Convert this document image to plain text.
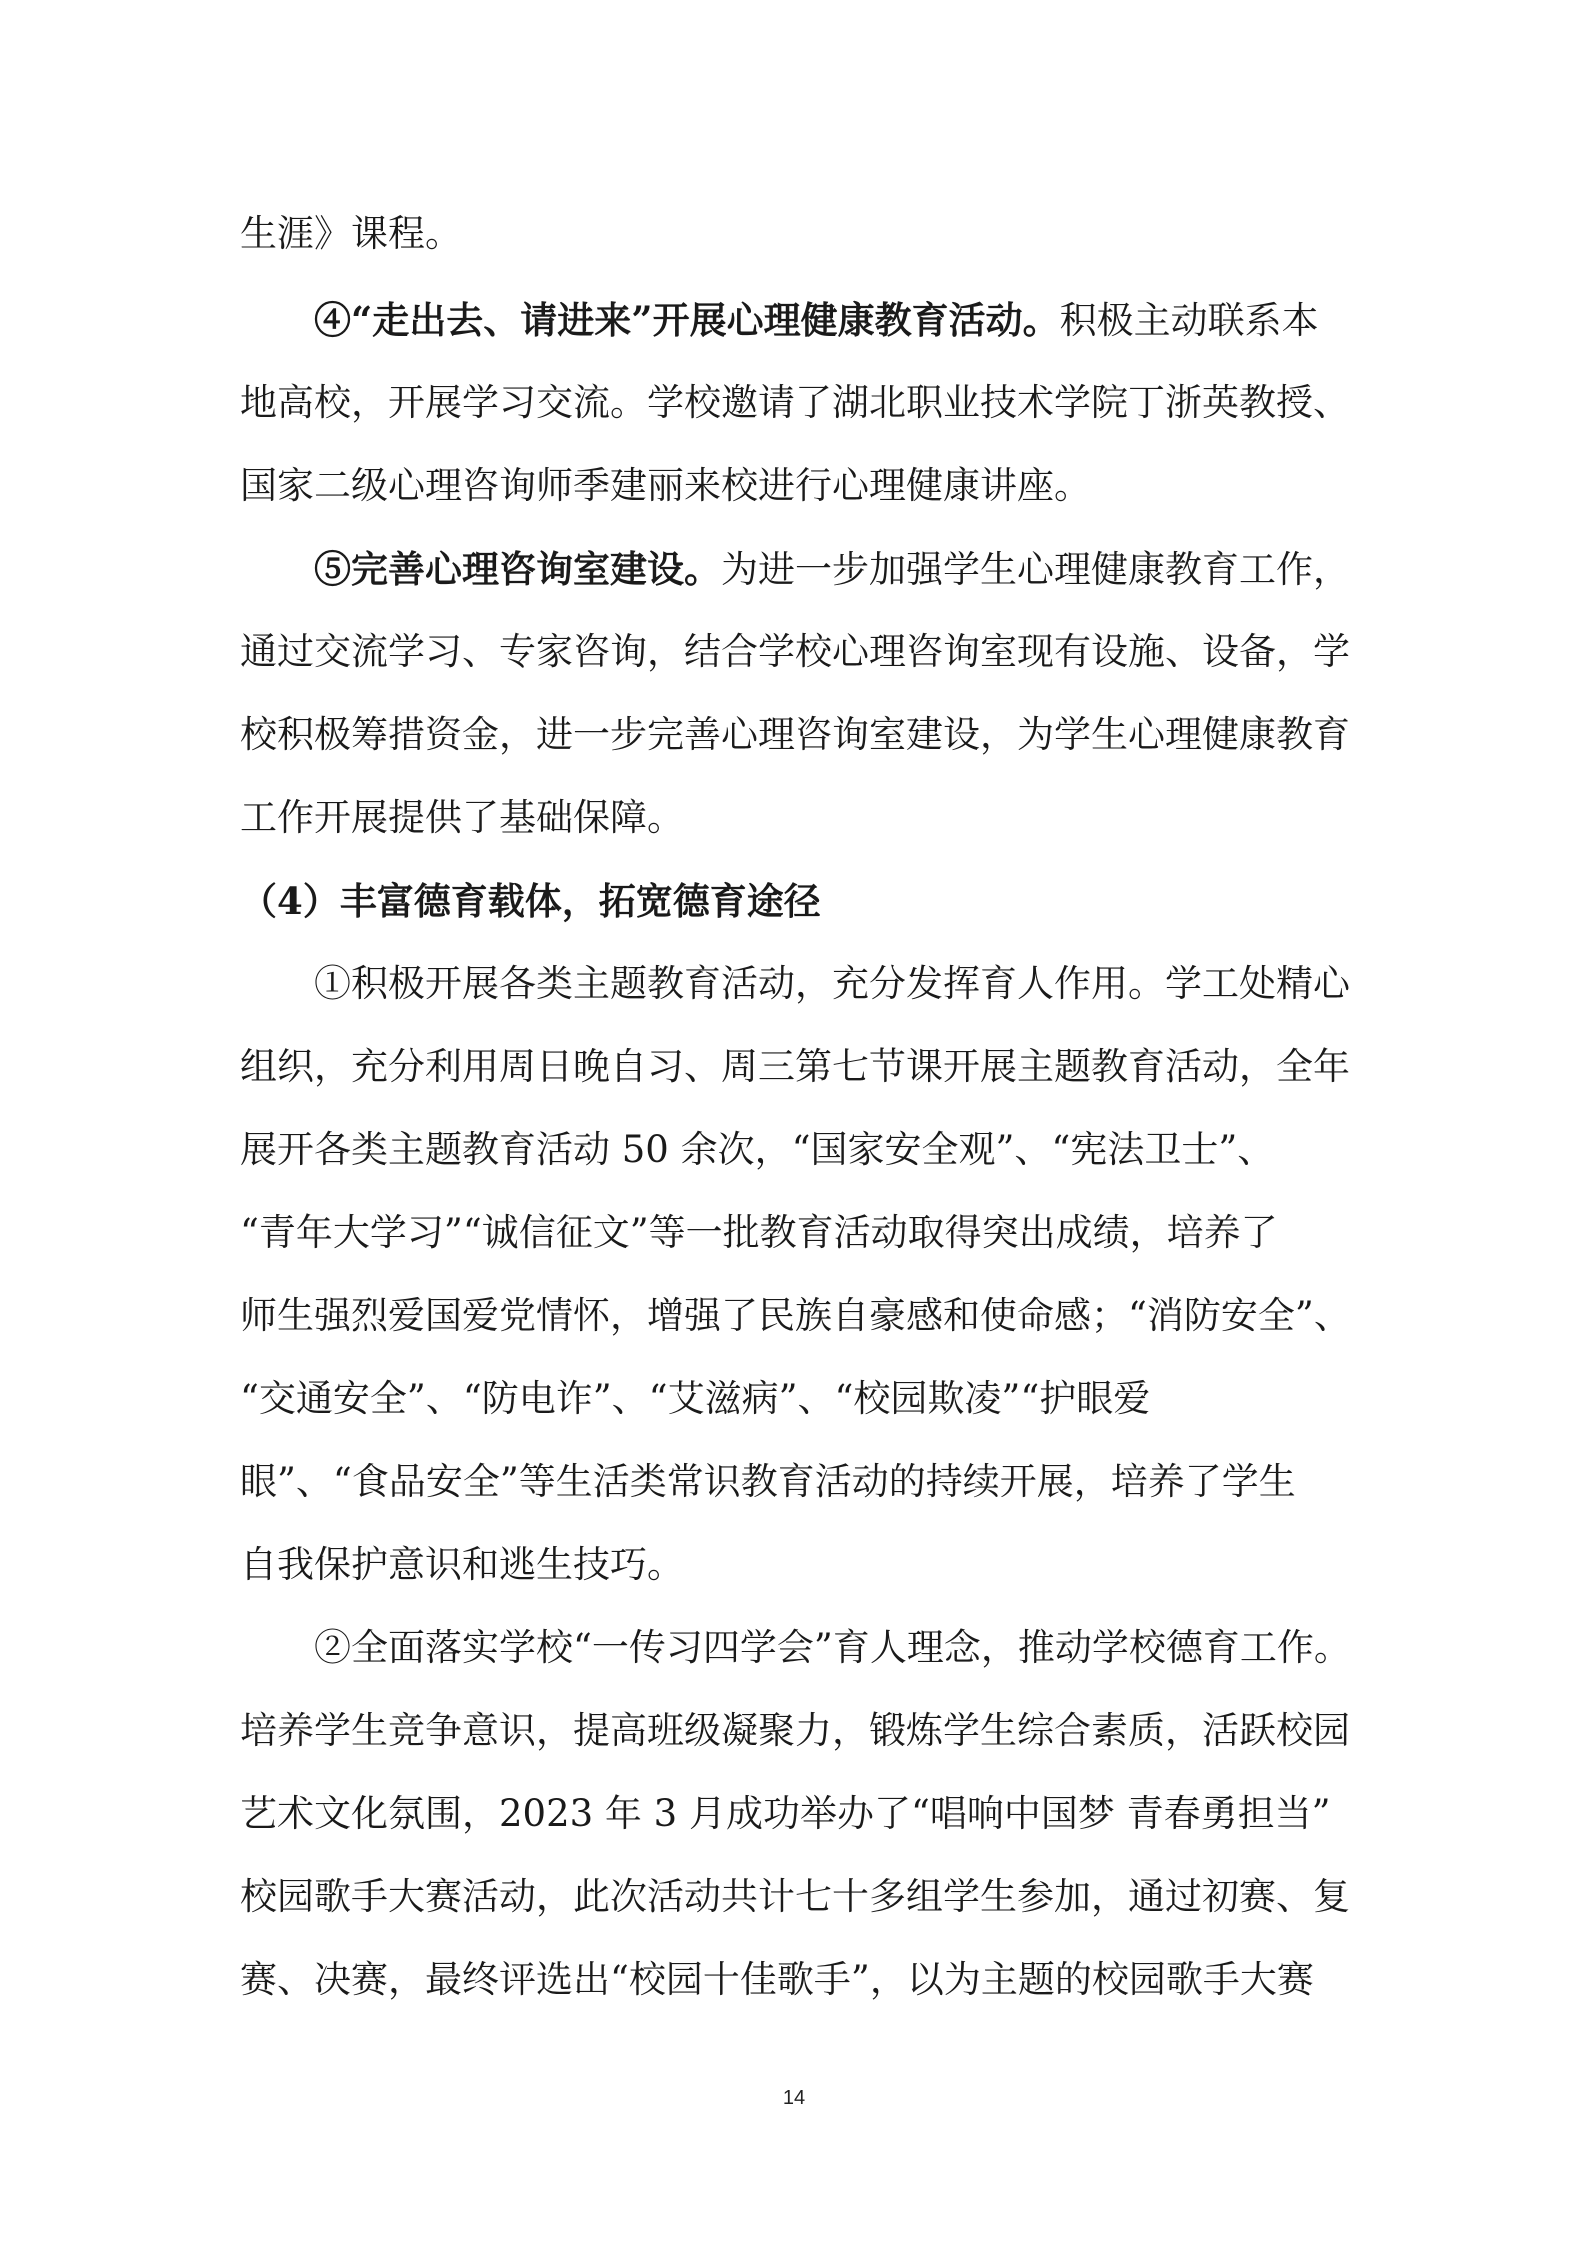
生涯》课程。
④“走出去、请进来”开展心理健康教育活动。积极主动联系本
地高校，开展学习交流。学校邀请了湖北职业技术学院丁浙英教授、
国家二级心理咨询师季建丽来校进行心理健康讲座。
⑤完善心理咨询室建设。为进一步加强学生心理健康教育工作，
通过交流学习、专家咨询，结合学校心理咨询室现有设施、设备，学
校积极筹措资金，进一步完善心理咨询室建设，为学生心理健康教育
工作开展提供了基础保障。
（4）丰富德育载体，拓宽德育途径
①积极开展各类主题教育活动，充分发挥育人作用。学工处精心
组织，充分利用周日晚自习、周三第七节课开展主题教育活动，全年
展开各类主题教育活动 50 余次，“国家安全观”、“宪法卫士”、
“青年大学习”“诚信征文”等一批教育活动取得突出成绩，培养了
师生强烈爱国爱党情怀，增强了民族自豪感和使命感；“消防安全”、
“交通安全”、“防电诈”、“艾滋病”、“校园欺凌”“护眼爱
眼”、“食品安全”等生活类常识教育活动的持续开展，培养了学生
自我保护意识和逃生技巧。
②全面落实学校“一传习四学会”育人理念，推动学校德育工作。
培养学生竞争意识，提高班级凝聚力，锻炼学生综合素质，活跃校园
艺术文化氛围，2023 年 3 月成功举办了“唱响中国梦 青春勇担当”
校园歌手大赛活动，此次活动共计七十多组学生参加，通过初赛、复
赛、决赛，最终评选出“校园十佳歌手”，以为主题的校园歌手大赛
14
